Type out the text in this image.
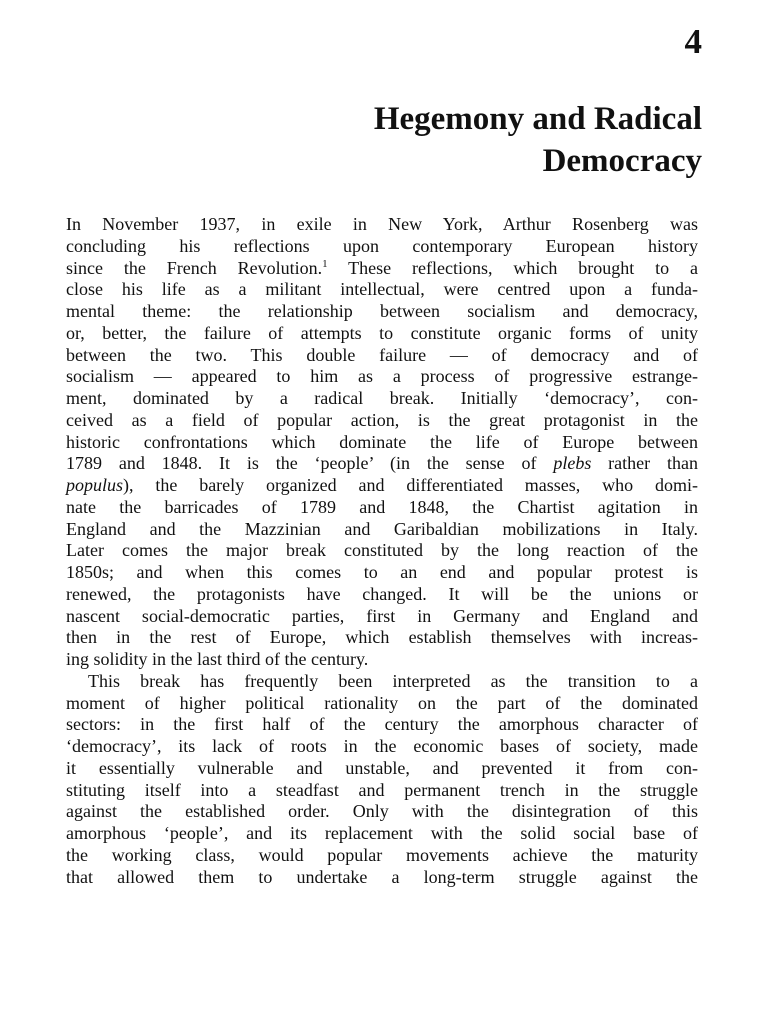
4
Hegemony and Radical
Democracy
In November 1937, in exile in New York, Arthur Rosenberg was
concluding his reflections upon contemporary European history
since the French Revolution.$^1$ These reflections, which brought to a
close his life as a militant intellectual, were centred upon a funda-
mental theme: the relationship between socialism and democracy,
or, better, the failure of attempts to constitute organic forms of unity
between the two. This double failure — of democracy and of
socialism — appeared to him as a process of progressive estrange-
ment, dominated by a radical break. Initially ‘democracy’, con-
ceived as a field of popular action, is the great protagonist in the
historic confrontations which dominate the life of Europe between
1789 and 1848. It is the ‘people’ (in the sense of plebs rather than
populus), the barely organized and differentiated masses, who domi-
nate the barricades of 1789 and 1848, the Chartist agitation in
England and the Mazzinian and Garibaldian mobilizations in Italy.
Later comes the major break constituted by the long reaction of the
1850s; and when this comes to an end and popular protest is
renewed, the protagonists have changed. It will be the unions or
nascent social-democratic parties, first in Germany and England and
then in the rest of Europe, which establish themselves with increas-
ing solidity in the last third of the century.
This break has frequently been interpreted as the transition to a
moment of higher political rationality on the part of the dominated
sectors: in the first half of the century the amorphous character of
‘democracy’, its lack of roots in the economic bases of society, made
it essentially vulnerable and unstable, and prevented it from con-
stituting itself into a steadfast and permanent trench in the struggle
against the established order. Only with the disintegration of this
amorphous ‘people’, and its replacement with the solid social base of
the working class, would popular movements achieve the maturity
that allowed them to undertake a long-term struggle against the
